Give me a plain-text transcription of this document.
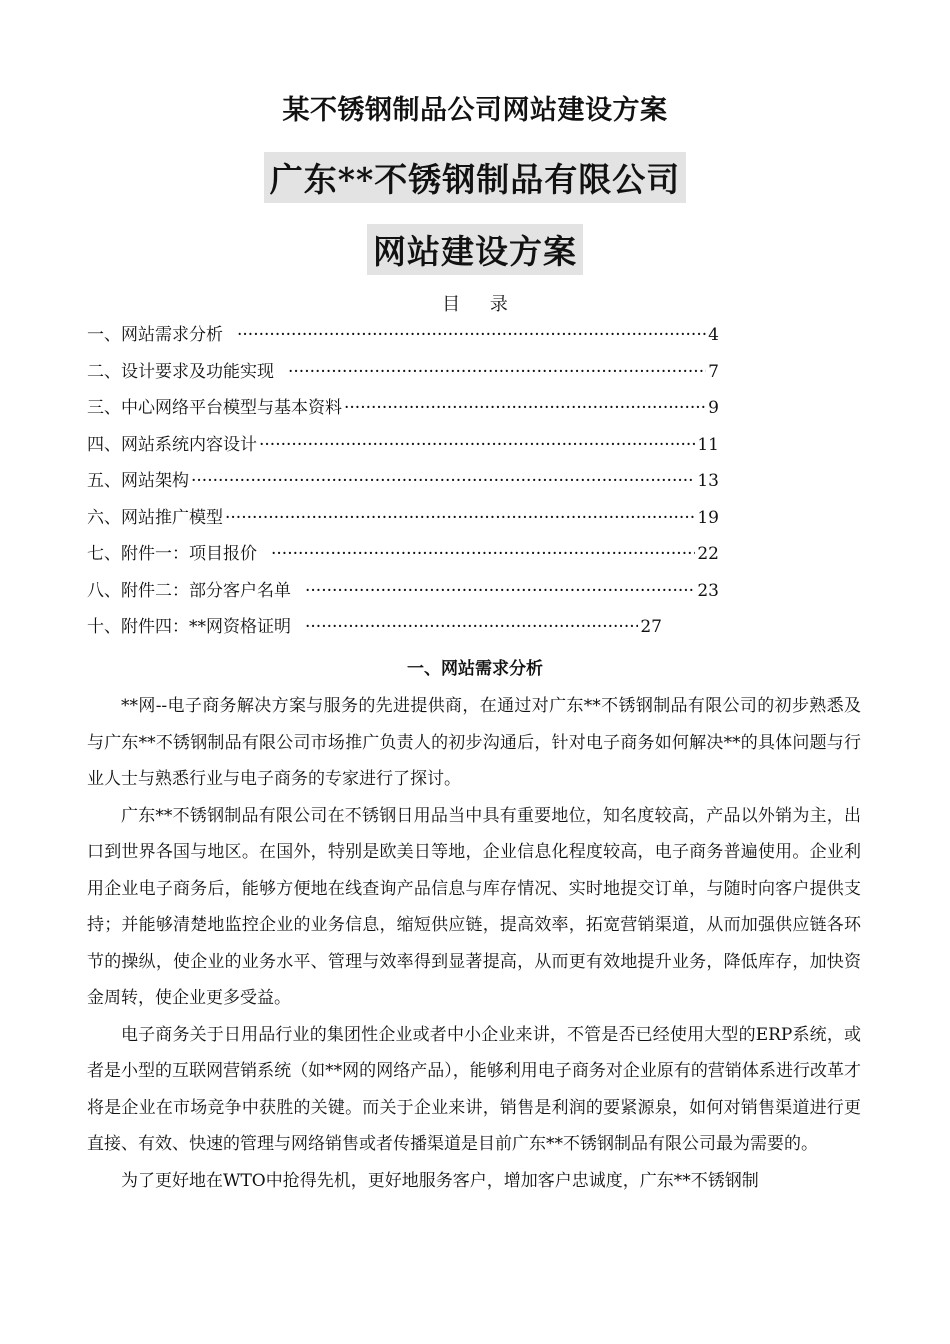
某不锈钢制品公司网站建设方案
广东**不锈钢制品有限公司
网站建设方案
目 录
一、网站需求分析 ·····	4
二、设计要求及功能实现 ·····	7
三、中心网络平台模型与基本资料 ·····	9
四、网站系统内容设计 ·····	11
五、网站架构 ·····	13
六、网站推广模型 ·····	19
七、附件一：项目报价 ·····	22
八、附件二：部分客户名单 ·····	23
十、附件四：**网资格证明 ·····	27
一、网站需求分析

**网--电子商务解决方案与服务的先进提供商，在通过对广东**不锈钢制品有限公司的初步熟悉及与广东**不锈钢制品有限公司市场推广负责人的初步沟通后，针对电子商务如何解决**的具体问题与行业人士与熟悉行业与电子商务的专家进行了探讨。

广东**不锈钢制品有限公司在不锈钢日用品当中具有重要地位，知名度较高，产品以外销为主，出口到世界各国与地区。在国外，特别是欧美日等地，企业信息化程度较高，电子商务普遍使用。企业利用企业电子商务后，能够方便地在线查询产品信息与库存情况、实时地提交订单，与随时向客户提供支持；并能够清楚地监控企业的业务信息，缩短供应链，提高效率，拓宽营销渠道，从而加强供应链各环节的操纵，使企业的业务水平、管理与效率得到显著提高，从而更有效地提升业务，降低库存，加快资金周转，使企业更多受益。

电子商务关于日用品行业的集团性企业或者中小企业来讲，不管是否已经使用大型的ERP系统，或者是小型的互联网营销系统（如**网的网络产品），能够利用电子商务对企业原有的营销体系进行改革才将是企业在市场竞争中获胜的关键。而关于企业来讲，销售是利润的要紧源泉，如何对销售渠道进行更直接、有效、快速的管理与网络销售或者传播渠道是目前广东**不锈钢制品有限公司最为需要的。

为了更好地在WTO中抢得先机，更好地服务客户，增加客户忠诚度，广东**不锈钢制
